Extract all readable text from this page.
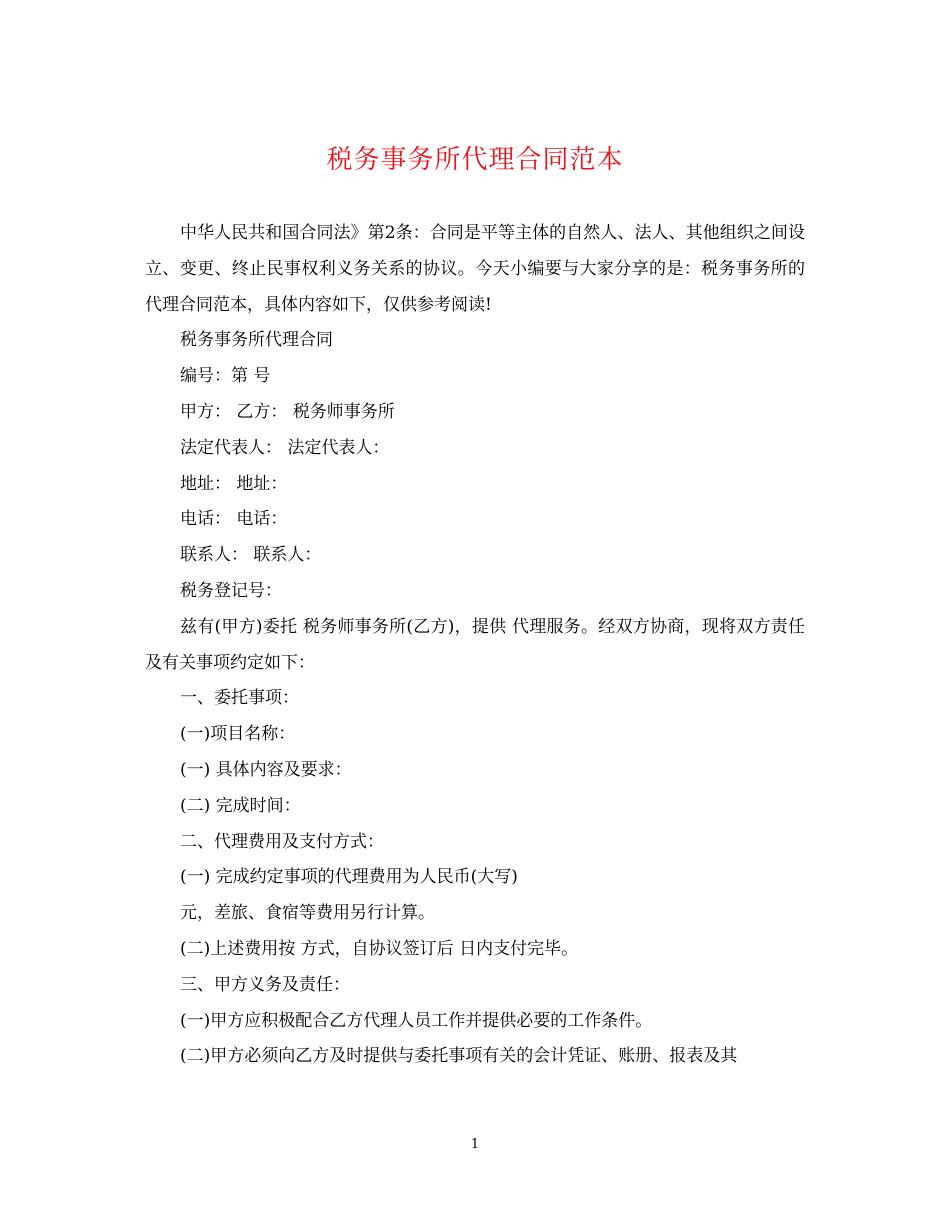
税务事务所代理合同范本

中华人民共和国合同法》第2条：合同是平等主体的自然人、法人、其他组织之间设立、变更、终止民事权利义务关系的协议。今天小编要与大家分享的是：税务事务所的代理合同范本，具体内容如下，仅供参考阅读!

税务事务所代理合同

编号：第 号

甲方： 乙方： 税务师事务所

法定代表人： 法定代表人：

地址： 地址：

电话： 电话：

联系人： 联系人：

税务登记号：

兹有(甲方)委托 税务师事务所(乙方)，提供 代理服务。经双方协商，现将双方责任及有关事项约定如下：

一、委托事项：

(一)项目名称：

(一) 具体内容及要求：

(二) 完成时间：

二、代理费用及支付方式：

(一) 完成约定事项的代理费用为人民币(大写)

元，差旅、食宿等费用另行计算。

(二)上述费用按 方式，自协议签订后 日内支付完毕。

三、甲方义务及责任：

(一)甲方应积极配合乙方代理人员工作并提供必要的工作条件。

(二)甲方必须向乙方及时提供与委托事项有关的会计凭证、账册、报表及其

1
